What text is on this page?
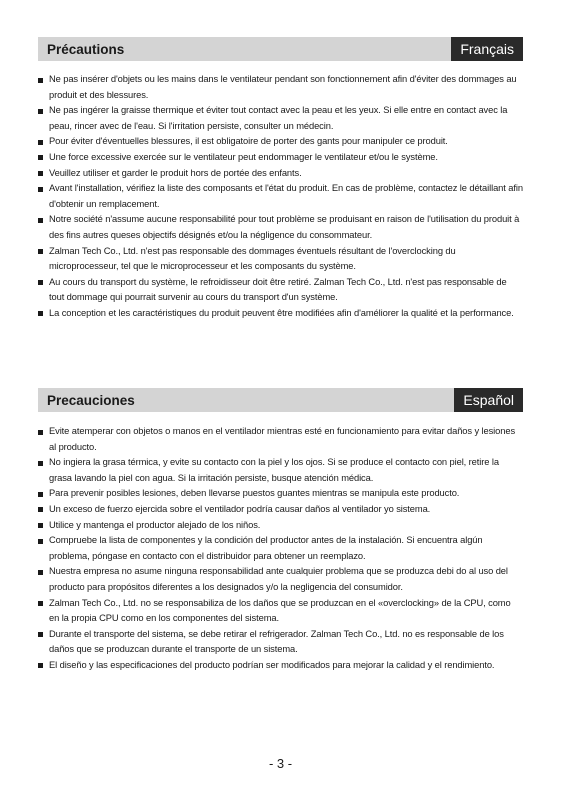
Précautions	Français
Ne pas insérer d'objets ou les mains dans le ventilateur pendant son fonctionnement afin d'éviter des dommages au produit et des blessures.
Ne pas ingérer la graisse thermique et éviter tout contact avec la peau et les yeux. Si elle entre en contact avec la peau, rincer avec de l'eau. Si l'irritation persiste, consulter un médecin.
Pour éviter d'éventuelles blessures, il est obligatoire de porter des gants pour manipuler ce produit.
Une force excessive exercée sur le ventilateur peut endommager le ventilateur et/ou le système.
Veuillez utiliser et garder le produit hors de portée des enfants.
Avant l'installation, vérifiez la liste des composants et l'état du produit. En cas de problème, contactez le détaillant afin d'obtenir un remplacement.
Notre société n'assume aucune responsabilité pour tout problème se produisant en raison de l'utilisation du produit à des fins autres queses objectifs désignés et/ou la négligence du consommateur.
Zalman Tech Co., Ltd. n'est pas responsable des dommages éventuels résultant de l'overclocking du microprocesseur, tel que le microprocesseur et les composants du système.
Au cours du transport du système, le refroidisseur doit être retiré. Zalman Tech Co., Ltd. n'est pas responsable de tout dommage qui pourrait survenir au cours du transport d'un système.
La conception et les caractéristiques du produit peuvent être modifiées afin d'améliorer la qualité et la performance.
Precauciones	Español
Evite atemperar con objetos o manos en el ventilador mientras esté en funcionamiento para evitar daños y lesiones al producto.
No ingiera la grasa térmica, y evite su contacto con la piel y los ojos. Si se produce el contacto con piel, retire la grasa lavando la piel con agua. Si la irritación persiste, busque atención médica.
Para prevenir posibles lesiones, deben llevarse puestos guantes mientras se manipula este producto.
Un exceso de fuerzo ejercida sobre el ventilador podría causar daños al ventilador yo sistema.
Utilice y mantenga el productor alejado de los niños.
Compruebe la lista de componentes y la condición del productor antes de la instalación. Si encuentra algún problema, póngase en contacto con el distribuidor para obtener un reemplazo.
Nuestra empresa no asume ninguna responsabilidad ante cualquier problema que se produzca debi do al uso del producto para propósitos diferentes a los designados y/o la negligencia del consumidor.
Zalman Tech Co., Ltd. no se responsabiliza de los daños que se produzcan en el «overclocking» de la CPU, como en la propia CPU como en los componentes del sistema.
Durante el transporte del sistema, se debe retirar el refrigerador. Zalman Tech Co., Ltd. no es responsable de los daños que se produzcan durante el transporte de un sistema.
El diseño y las especificaciones del producto podrían ser modificados para mejorar la calidad y el rendimiento.
- 3 -
